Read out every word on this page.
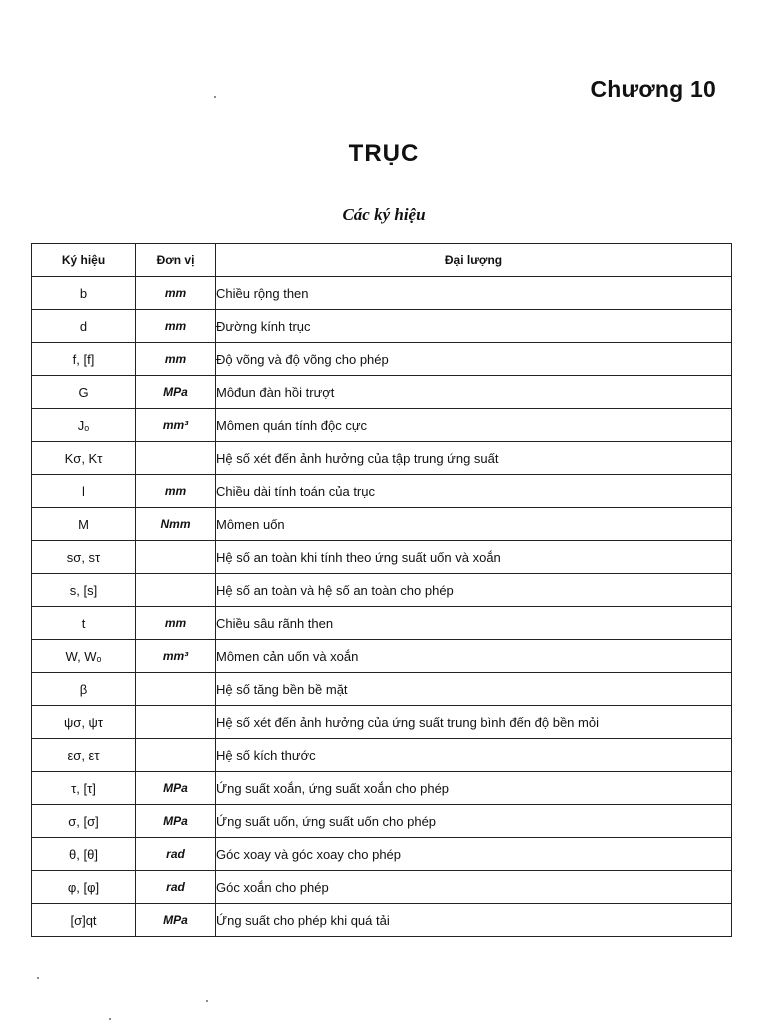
Chương 10
TRỤC
Các ký hiệu
Ký hiệu	Đơn vị	Đại lượng
b	mm	Chiều rộng then
d	mm	Đường kính trục
f, [f]	mm	Độ võng và độ võng cho phép
G	MPa	Môđun đàn hồi trượt
Jₒ	mm³	Mômen quán tính độc cực
Kσ, Kτ		Hệ số xét đến ảnh hưởng của tập trung ứng suất
l	mm	Chiều dài tính toán của trục
M	Nmm	Mômen uốn
sσ, sτ		Hệ số an toàn khi tính theo ứng suất uốn và xoắn
s, [s]		Hệ số an toàn và hệ số an toàn cho phép
t	mm	Chiều sâu rãnh then
W, Wₒ	mm³	Mômen cản uốn và xoắn
β		Hệ số tăng bền bề mặt
ψσ, ψτ		Hệ số xét đến ảnh hưởng của ứng suất trung bình đến độ bền mỏi
εσ, ετ		Hệ số kích thước
τ, [τ]	MPa	Ứng suất xoắn, ứng suất xoắn cho phép
σ, [σ]	MPa	Ứng suất uốn, ứng suất uốn cho phép
θ, [θ]	rad	Góc xoay và góc xoay cho phép
φ, [φ]	rad	Góc xoắn cho phép
[σ]qt	MPa	Ứng suất cho phép khi quá tải
